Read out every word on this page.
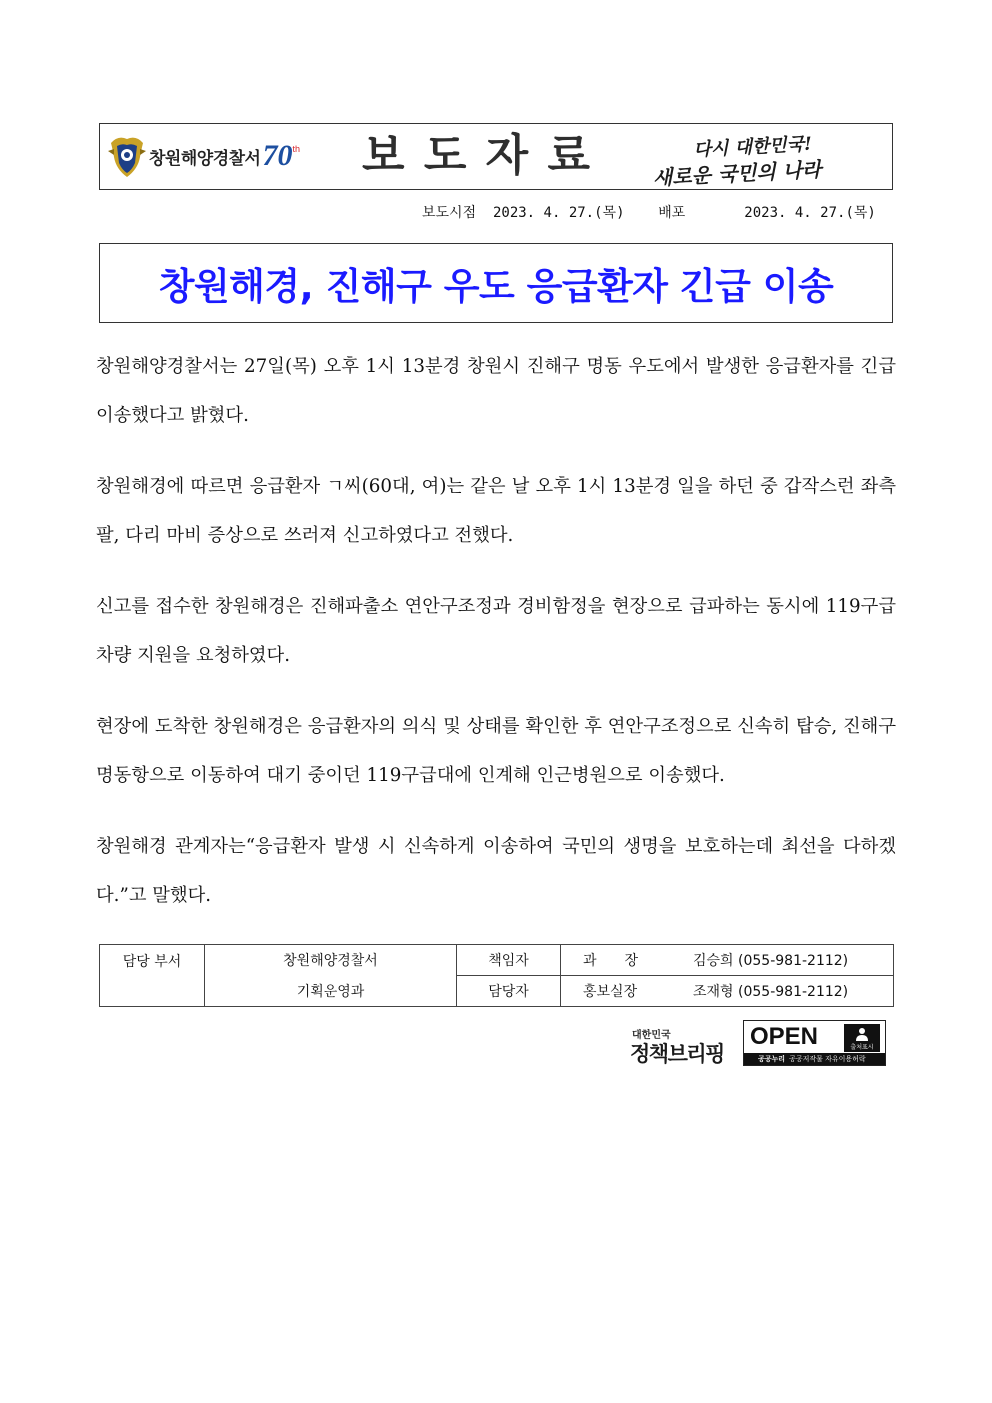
창원해양경찰서 70 th 보 도 자 료	다시 대한민국!
새로운 국민의 나라
보도시점 2023. 4. 27.(목) 배포	2023. 4. 27.(목)
창원해경, 진해구 우도 응급환자 긴급 이송

창원해양경찰서는 27일(목) 오후 1시 13분경 창원시 진해구 명동 우도에서 발생한 응급환자를 긴급 이송했다고 밝혔다.

창원해경에 따르면 응급환자 ㄱ씨(60대, 여)는 같은 날 오후 1시 13분경 일을 하던 중 갑작스런 좌측 팔, 다리 마비 증상으로 쓰러져 신고하였다고 전했다.

신고를 접수한 창원해경은 진해파출소 연안구조정과 경비함정을 현장으로 급파하는 동시에 119구급차량 지원을 요청하였다.

현장에 도착한 창원해경은 응급환자의 의식 및 상태를 확인한 후 연안구조정으로 신속히 탑승, 진해구 명동항으로 이동하여 대기 중이던 119구급대에 인계해 인근병원으로 이송했다.

창원해경 관계자는“응급환자 발생 시 신속하게 이송하여 국민의 생명을 보호하는데 최선을 다하겠다.”고 말했다.

담당 부서	창원해양경찰서	책임자	과　　장 김승희 (055-981-2112)
	기획운영과	담당자	홍보실장 조재형 (055-981-2112)
대한민국
정책브리핑
OPEN	출처표시
공공누리 공공저작물 자유이용허락
